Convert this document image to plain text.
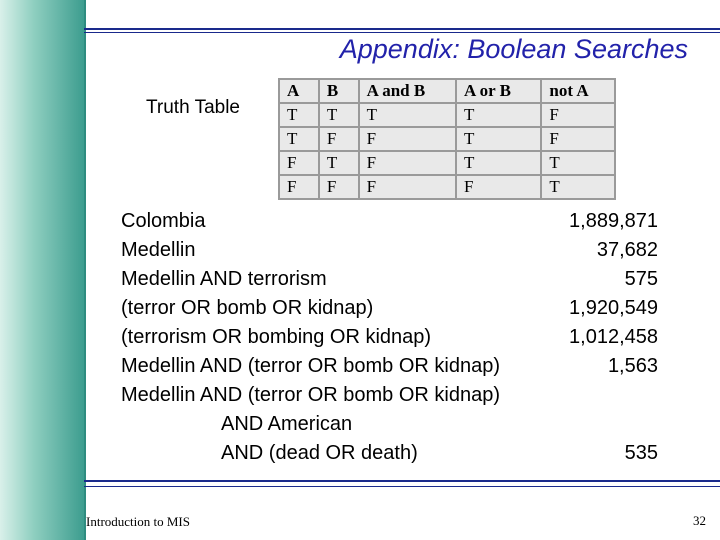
Appendix: Boolean Searches
Truth Table
A	B	A and B	A or B	not A
T	T	T	T	F
T	F	F	T	F
F	T	F	T	T
F	F	F	F	T
Colombia	1,889,871
Medellin	37,682
Medellin AND terrorism	575
(terror OR bomb OR kidnap)	1,920,549
(terrorism OR bombing OR kidnap)	1,012,458
Medellin AND (terror OR bomb OR kidnap)	1,563
Medellin AND (terror OR bomb OR kidnap)
AND American
AND (dead OR death)	535
Introduction to MIS	32
